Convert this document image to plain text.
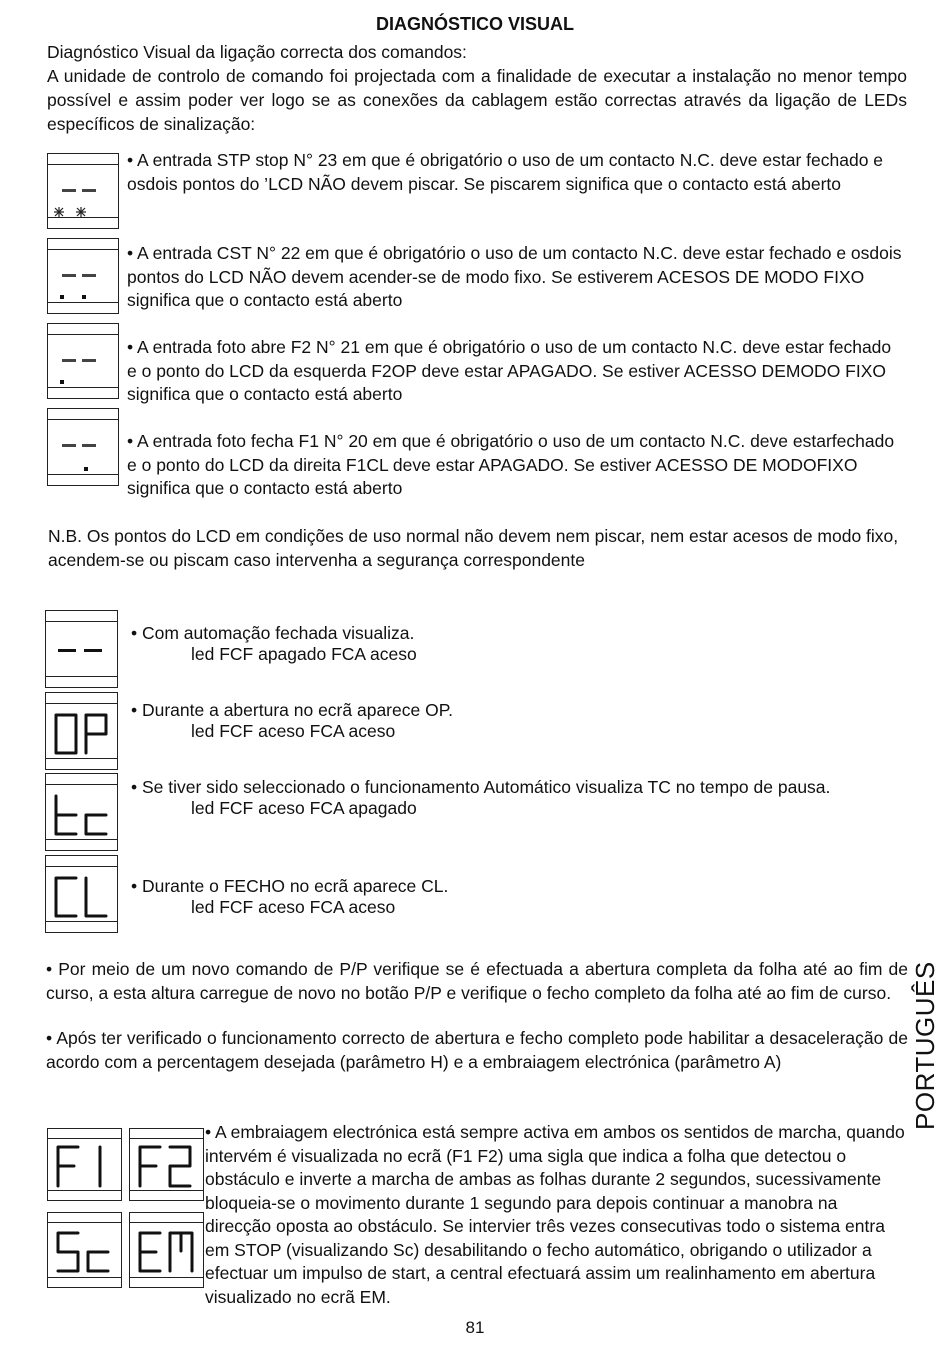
DIAGNÓSTICO VISUAL
Diagnóstico Visual da ligação correcta dos comandos:
A unidade de controlo de comando foi projectada com a finalidade de executar a instalação no menor tempo possível e assim poder ver logo se as conexões da cablagem estão correctas através da ligação de LEDs específicos de sinalização:
• A entrada STP stop N° 23 em que é obrigatório o uso de um contacto N.C. deve estar fechado e osdois pontos do ’LCD NÃO devem piscar. Se piscarem significa que o contacto está aberto
• A entrada CST N° 22 em que é obrigatório o uso de um contacto N.C. deve estar fechado e osdois pontos do LCD NÃO devem acender-se de modo fixo. Se estiverem ACESOS DE MODO FIXO significa que o contacto está aberto
• A entrada foto abre F2 N° 21 em que é obrigatório o uso de um contacto N.C. deve estar fechado e o ponto do LCD da esquerda F2OP deve estar APAGADO. Se estiver ACESSO DEMODO FIXO significa que o contacto está aberto
• A entrada foto fecha F1 N° 20 em que é obrigatório o uso de um contacto N.C. deve estarfechado e o ponto do LCD da direita F1CL deve estar APAGADO. Se estiver ACESSO DE MODOFIXO significa que o contacto está aberto
N.B. Os pontos do LCD em condições de uso normal não devem nem piscar, nem estar acesos de modo fixo, acendem-se ou piscam caso intervenha a segurança correspondente
• Com automação fechada visualiza.
led FCF apagado FCA aceso
• Durante a abertura no ecrã aparece OP.
led FCF aceso FCA aceso
• Se tiver sido seleccionado o funcionamento Automático visualiza TC no tempo de pausa.
led FCF aceso FCA apagado
• Durante o FECHO no ecrã aparece CL.
led FCF aceso FCA aceso
• Por meio de um novo comando de P/P verifique se é efectuada a abertura completa da folha até ao fim de curso, a esta altura carregue de novo no botão P/P e verifique o fecho completo da folha até ao fim de curso.
• Após ter verificado o funcionamento correcto de abertura e fecho completo pode habilitar a desaceleração de acordo com a percentagem desejada (parâmetro H) e a embraiagem electrónica (parâmetro A)
• A embraiagem electrónica está sempre activa em ambos os sentidos de marcha, quando intervém é visualizada no ecrã (F1 F2) uma sigla que indica a folha que detectou o obstáculo e inverte a marcha de ambas as folhas durante 2 segundos, sucessivamente bloqueia-se o movimento durante 1 segundo para depois continuar a manobra na direcção oposta ao obstáculo. Se intervier três vezes consecutivas todo o sistema entra em STOP (visualizando Sc) desabilitando o fecho automático, obrigando o utilizador a efectuar um impulso de start, a central efectuará assim um realinhamento em abertura visualizado no ecrã EM.
PORTUGUÊS
81
